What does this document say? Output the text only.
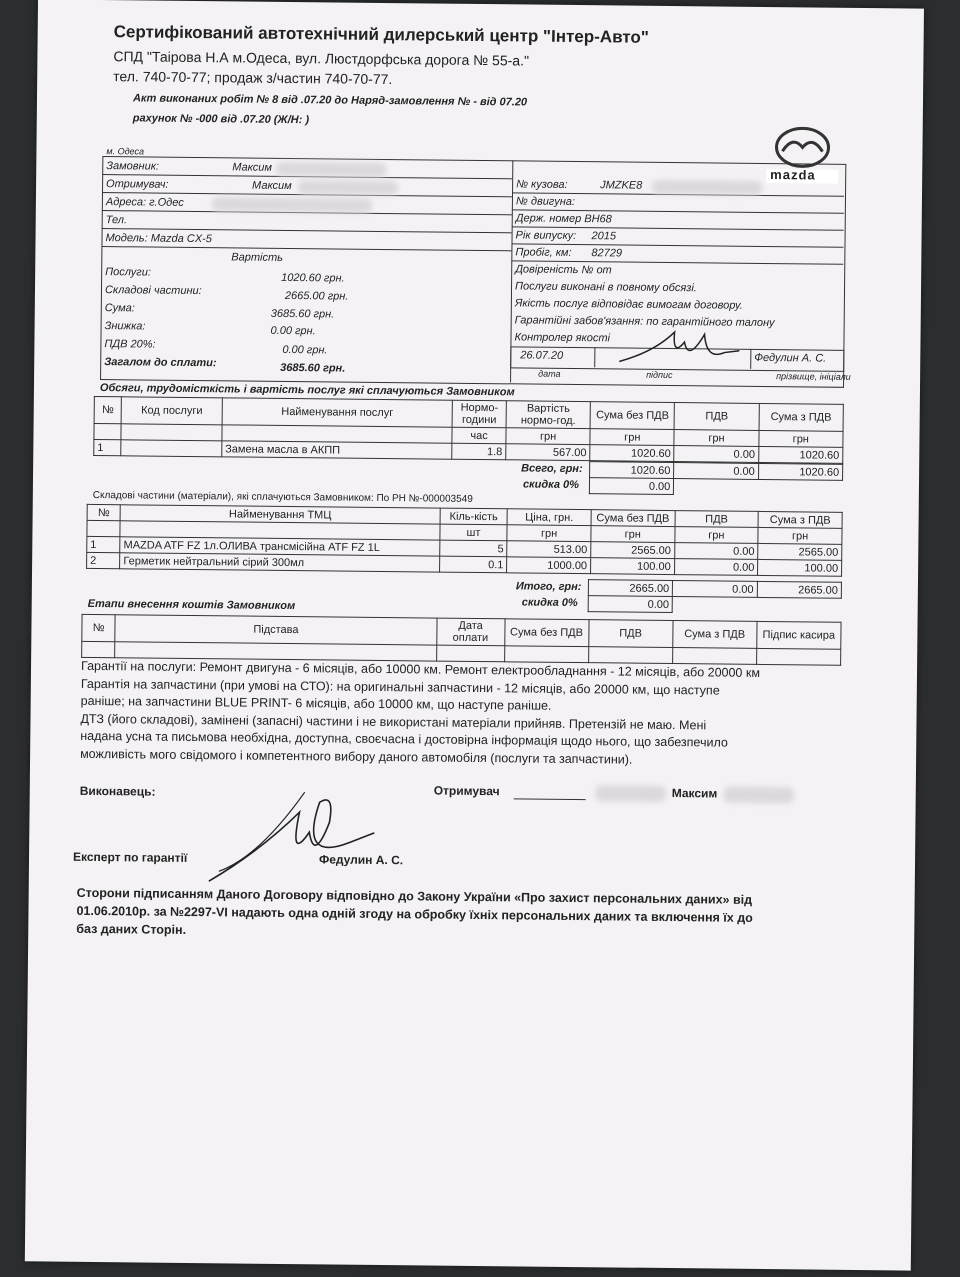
Сертифікований автотехнічний дилерський центр "Інтер-Авто"
СПД "Таірова Н.А м.Одеса, вул. Люстдорфська дорога № 55-а."
тел. 740-70-77; продаж з/частин 740-70-77.
Акт виконаних робіт № 8 від .07.20 до Наряд-замовлення № - від 07.20
рахунок № -000 від .07.20 (Ж/Н: )
mazda
м. Одеса
Замовник:	Максим
Отримувач:	Максим
Адреса: г.Одес
Тел.
Модель: Mazda CX-5
Вартість
Послуги:	1020.60 грн.
Складові частини:	2665.00 грн.
Сума:	3685.60 грн.
Знижка:	0.00 грн.
ПДВ 20%:	0.00 грн.
Загалом до сплати:	3685.60 грн.
№ кузова:	JMZKE8
№ двигуна:
Держ. номер ВН68
Рік випуску: 2015
Пробіг, км: 82729
Довіреність № от
Послуги виконані в повному обсязі.
Якість послуг відповідає вимогам договору.
Гарантійні забов'язання: по гарантійного талону
Контролер якості
26.07.20	Федулин А. С.
дата	підпис	прізвище, ініціали
Обсяги, трудомісткість і вартість послуг які сплачуються Замовником
№	Код послуги	Найменування послуг	Нормо-години	Вартість нормо-год.	Сума без ПДВ	ПДВ	Сума з ПДВ
			час	грн	грн	грн	грн
1		Замена масла в АКПП	1.8	567.00	1020.60	0.00	1020.60
Всего, грн:	1020.60	0.00	1020.60
0.00		
скидка 0%
Складові частини (матеріали), які сплачуються Замовником: По РН №-000003549
№	Найменування ТМЦ	Кіль-кість	Ціна, грн.	Сума без ПДВ	ПДВ	Сума з ПДВ
		шт	грн	грн	грн	грн
1	MAZDA ATF FZ 1л.ОЛИВА трансмісійна ATF FZ 1L	5	513.00	2565.00	0.00	2565.00
2	Герметик нейтральний сірий 300мл	0.1	1000.00	100.00	0.00	100.00
Итого, грн:	2665.00	0.00	2665.00
0.00		
скидка 0%
Етапи внесення коштів Замовником
№	Підстава	Дата оплати	Сума без ПДВ	ПДВ	Сума з ПДВ	Підпис касира

Гарантії на послуги: Ремонт двигуна - 6 місяців, або 10000 км. Ремонт електрообладнання - 12 місяців, або 20000 км
Гарантія на запчастини (при умові на СТО): на оригинальні запчастини - 12 місяців, або 20000 км, що наступе
раніше; на запчастини BLUE PRINT- 6 місяців, або 10000 км, що наступе раніше.
ДТЗ (його складові), замінені (запасні) частини і не використані матеріали прийняв. Претензій не маю. Мені
надана усна та письмова необхідна, доступна, своєчасна і достовірна інформація щодо нього, що забезпечило
можливість мого свідомого і компетентного вибору даного автомобіля (послуги та запчастини).
Виконавець:	Отримувач	Максим
Експерт по гарантії	Федулин А. С.
Сторони підписанням Даного Договору відповідно до Закону України «Про захист персональних даних» від
01.06.2010р. за №2297-VI надають одна одній згоду на обробку їхніх персональних даних та включення їх до
баз даних Сторін.
